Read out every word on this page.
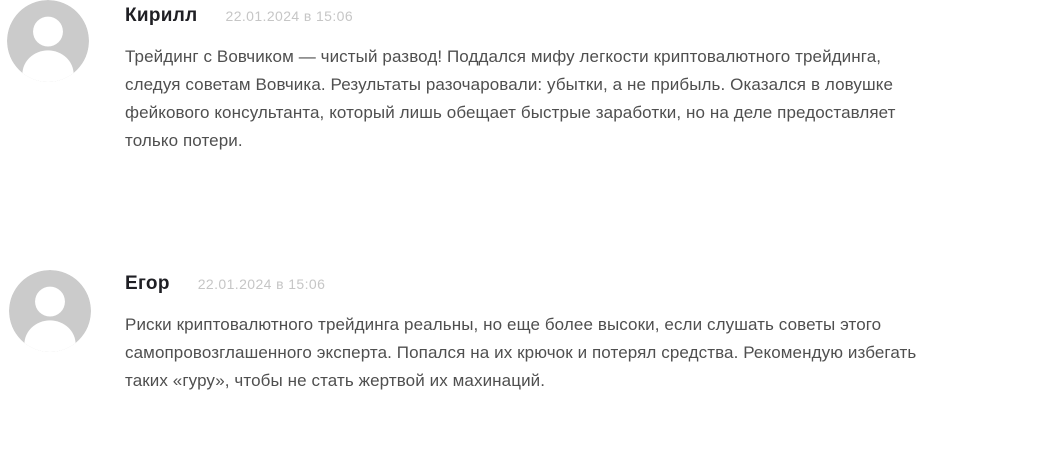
Кирилл 22.01.2024 в 15:06

Трейдинг с Вовчиком — чистый развод! Поддался мифу легкости криптовалютного трейдинга, следуя советам Вовчика. Результаты разочаровали: убытки, а не прибыль. Оказался в ловушке фейкового консультанта, который лишь обещает быстрые заработки, но на деле предоставляет только потери.

Егор 22.01.2024 в 15:06

Риски криптовалютного трейдинга реальны, но еще более высоки, если слушать советы этого самопровозглашенного эксперта. Попался на их крючок и потерял средства. Рекомендую избегать таких «гуру», чтобы не стать жертвой их махинаций.
